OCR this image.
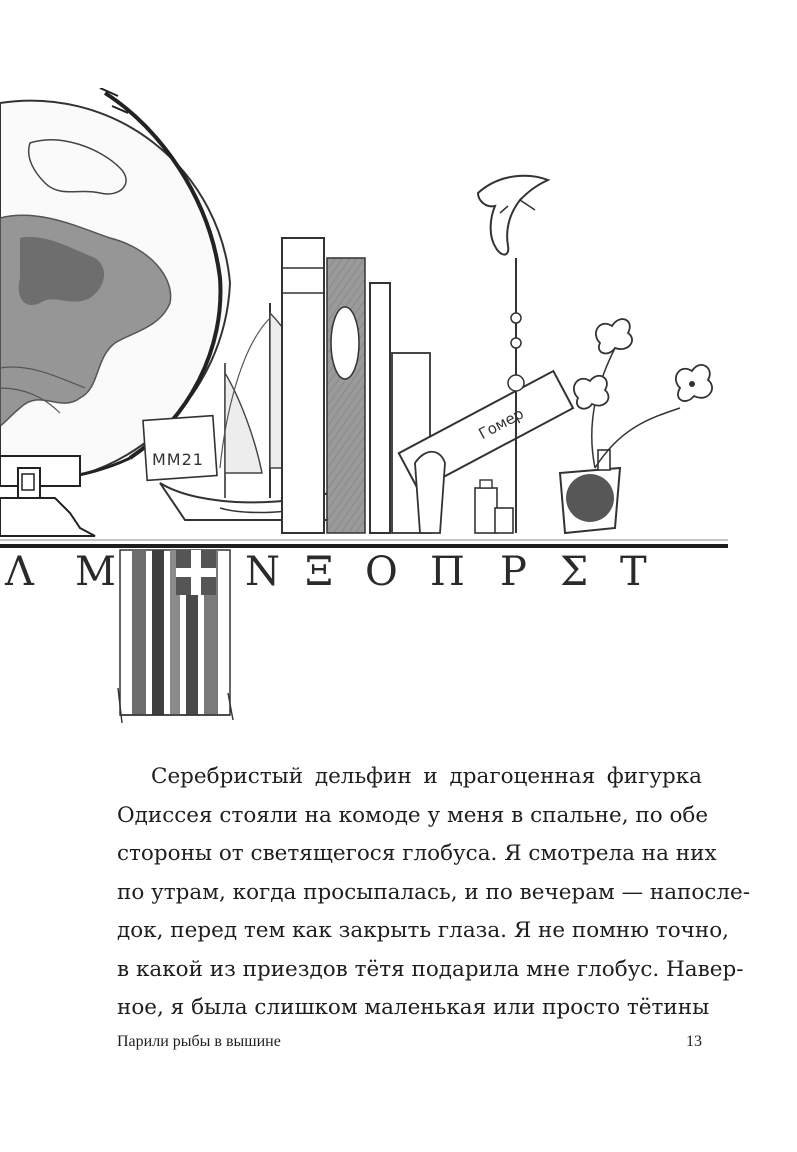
MM21
Гомер
Λ Μ	Ν Ξ Ο Π Ρ Σ Τ
Серебристый дельфин и драгоценная фигурка
Одиссея стояли на комоде у меня в спальне, по обе
стороны от светящегося глобуса. Я смотрела на них
по утрам, когда просыпалась, и по вечерам — напосле-
док, перед тем как закрыть глаза. Я не помню точно,
в какой из приездов тётя подарила мне глобус. Навер-
ное, я была слишком маленькая или просто тётины
Парили рыбы в вышине	13
